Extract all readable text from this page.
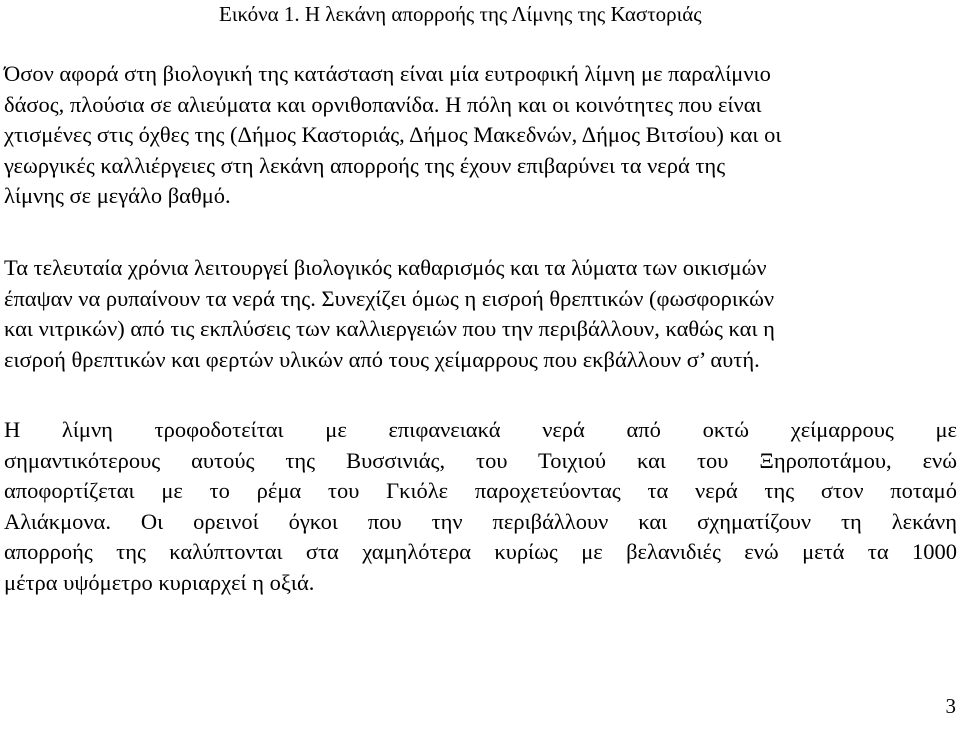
Εικόνα 1. Η λεκάνη απορροής της Λίμνης της Καστοριάς

Όσον αφορά στη βιολογική της κατάσταση είναι μία ευτροφική λίμνη με παραλίμνιο
δάσος, πλούσια σε αλιεύματα και ορνιθοπανίδα. Η πόλη και οι κοινότητες που είναι
χτισμένες στις όχθες της (Δήμος Καστοριάς, Δήμος Μακεδνών, Δήμος Βιτσίου) και οι
γεωργικές καλλιέργειες στη λεκάνη απορροής της έχουν επιβαρύνει τα νερά της
λίμνης σε μεγάλο βαθμό.

Τα τελευταία χρόνια λειτουργεί βιολογικός καθαρισμός και τα λύματα των οικισμών
έπαψαν να ρυπαίνουν τα νερά της. Συνεχίζει όμως η εισροή θρεπτικών (φωσφορικών
και νιτρικών) από τις εκπλύσεις των καλλιεργειών που την περιβάλλουν, καθώς και η
εισροή θρεπτικών και φερτών υλικών από τους χείμαρρους που εκβάλλουν σ’ αυτή.

Η λίμνη τροφοδοτείται με επιφανειακά νερά από οκτώ χείμαρρους με
σημαντικότερους αυτούς της Βυσσινιάς, του Τοιχιού και του Ξηροποτάμου, ενώ
αποφορτίζεται με το ρέμα του Γκιόλε παροχετεύοντας τα νερά της στον ποταμό
Αλιάκμονα. Οι ορεινοί όγκοι που την περιβάλλουν και σχηματίζουν τη λεκάνη
απορροής της καλύπτονται στα χαμηλότερα κυρίως με βελανιδιές ενώ μετά τα 1000
μέτρα υψόμετρο κυριαρχεί η οξιά.

3
